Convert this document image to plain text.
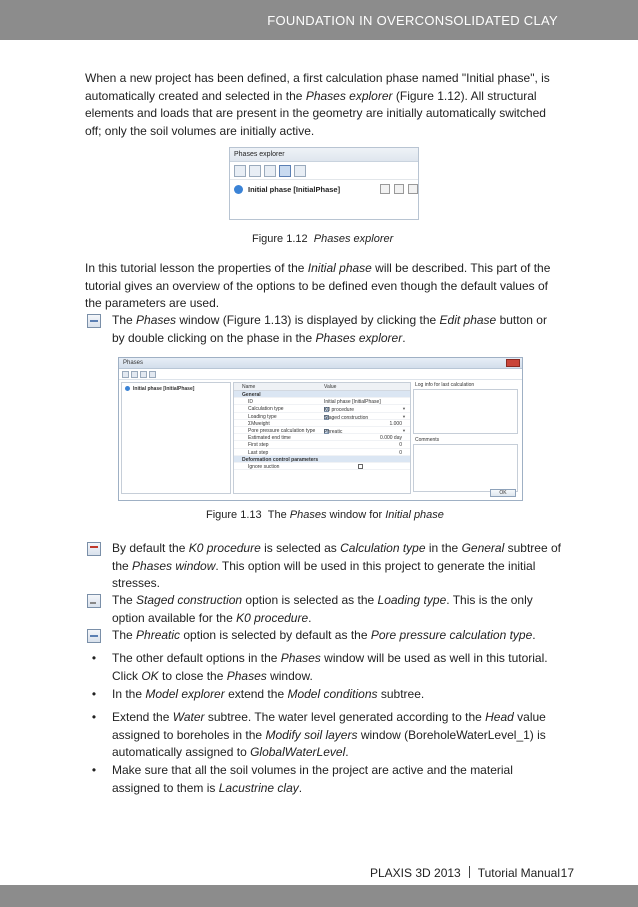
FOUNDATION IN OVERCONSOLIDATED CLAY

When a new project has been defined, a first calculation phase named "Initial phase", is automatically created and selected in the Phases explorer (Figure 1.12). All structural elements and loads that are present in the geometry are initially automatically switched off; only the soil volumes are initially active.

Phases explorer
Initial phase [InitialPhase]
Figure 1.12 Phases explorer

In this tutorial lesson the properties of the Initial phase will be described. This part of the tutorial gives an overview of the options to be defined even though the default values of the parameters are used.

The Phases window (Figure 1.13) is displayed by clicking the Edit phase button or by double clicking on the phase in the Phases explorer.

Phases
Initial phase [InitialPhase]	Name	Value
General
ID	Initial phase [InitialPhase]
Calculation type	K0 procedure	▼
Loading type	Staged construction	▼
ΣMweight	1.000
Pore pressure calculation type Phreatic	▼
Estimated end time	0.000 day
First step	0
Last step	0
Deformation control parameters
Ignore suction
Log info for last calculation
Comments
OK
Figure 1.13 The Phases window for Initial phase

By default the K0 procedure is selected as Calculation type in the General subtree of the Phases window. This option will be used in this project to generate the initial stresses.

The Staged construction option is selected as the Loading type. This is the only option available for the K0 procedure.

The Phreatic option is selected by default as the Pore pressure calculation type.

•	The other default options in the Phases window will be used as well in this tutorial. Click OK to close the Phases window.

•	In the Model explorer extend the Model conditions subtree.

•	Extend the Water subtree. The water level generated according to the Head value assigned to boreholes in the Modify soil layers window (BoreholeWaterLevel_1) is automatically assigned to GlobalWaterLevel.

•	Make sure that all the soil volumes in the project are active and the material assigned to them is Lacustrine clay.

PLAXIS 3D 2013 Tutorial Manual 17
